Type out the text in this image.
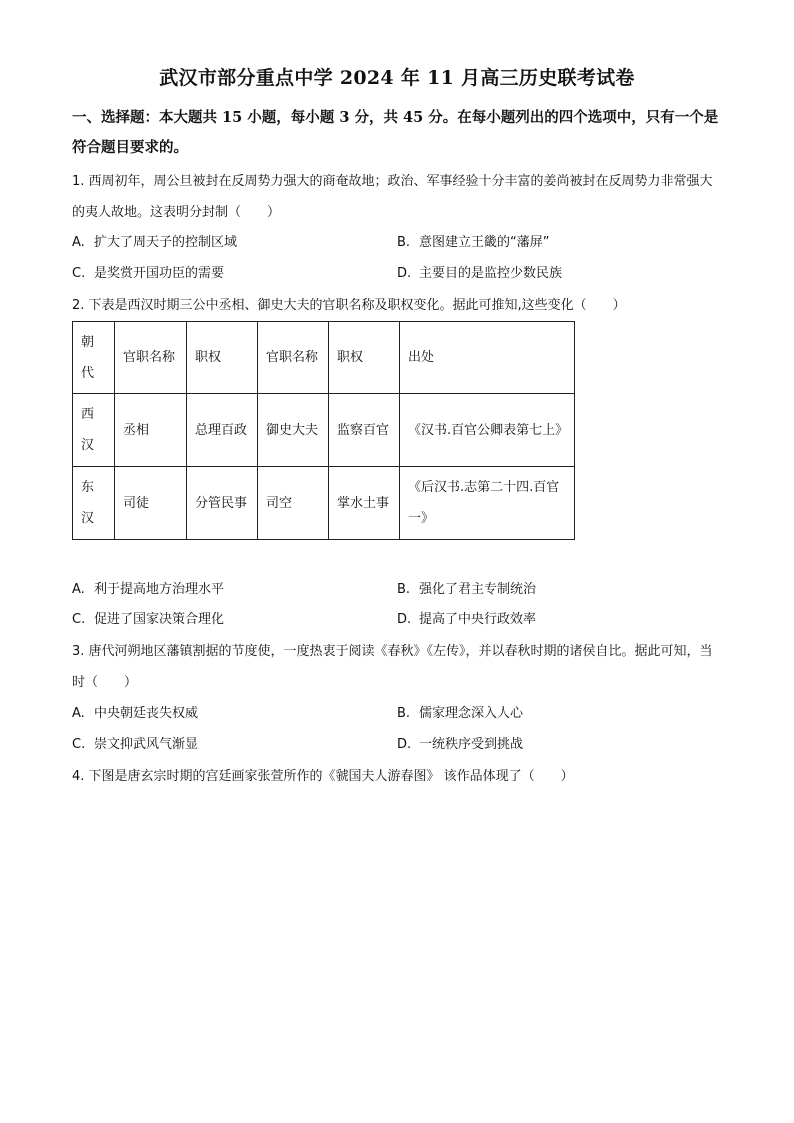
武汉市部分重点中学 2024 年 11 月高三历史联考试卷
一、选择题：本大题共 15 小题，每小题 3 分，共 45 分。在每小题列出的四个选项中，只有一个是符合题目要求的。
1. 西周初年，周公旦被封在反周势力强大的商奄故地；政治、军事经验十分丰富的姜尚被封在反周势力非常强大的夷人故地。这表明分封制（　　）
A. 扩大了周天子的控制区域	B. 意图建立王畿的“藩屏”
C. 是奖赏开国功臣的需要	D. 主要目的是监控少数民族
2. 下表是西汉时期三公中丞相、御史大夫的官职名称及职权变化。据此可推知,这些变化（　　）
朝代	官职名称	职权	官职名称	职权	出处
西汉	丞相	总理百政	御史大夫	监察百官	《汉书.百官公卿表第七上》
东汉	司徒	分管民事	司空	掌水土事	《后汉书.志第二十四.百官一》
A. 利于提高地方治理水平	B. 强化了君主专制统治
C. 促进了国家决策合理化	D. 提高了中央行政效率
3. 唐代河朔地区藩镇割据的节度使，一度热衷于阅读《春秋》《左传》，并以春秋时期的诸侯自比。据此可知，当时（　　）
A. 中央朝廷丧失权威	B. 儒家理念深入人心
C. 崇文抑武风气渐显	D. 一统秩序受到挑战
4. 下图是唐玄宗时期的宫廷画家张萱所作的《虢国夫人游春图》 该作品体现了（　　）
